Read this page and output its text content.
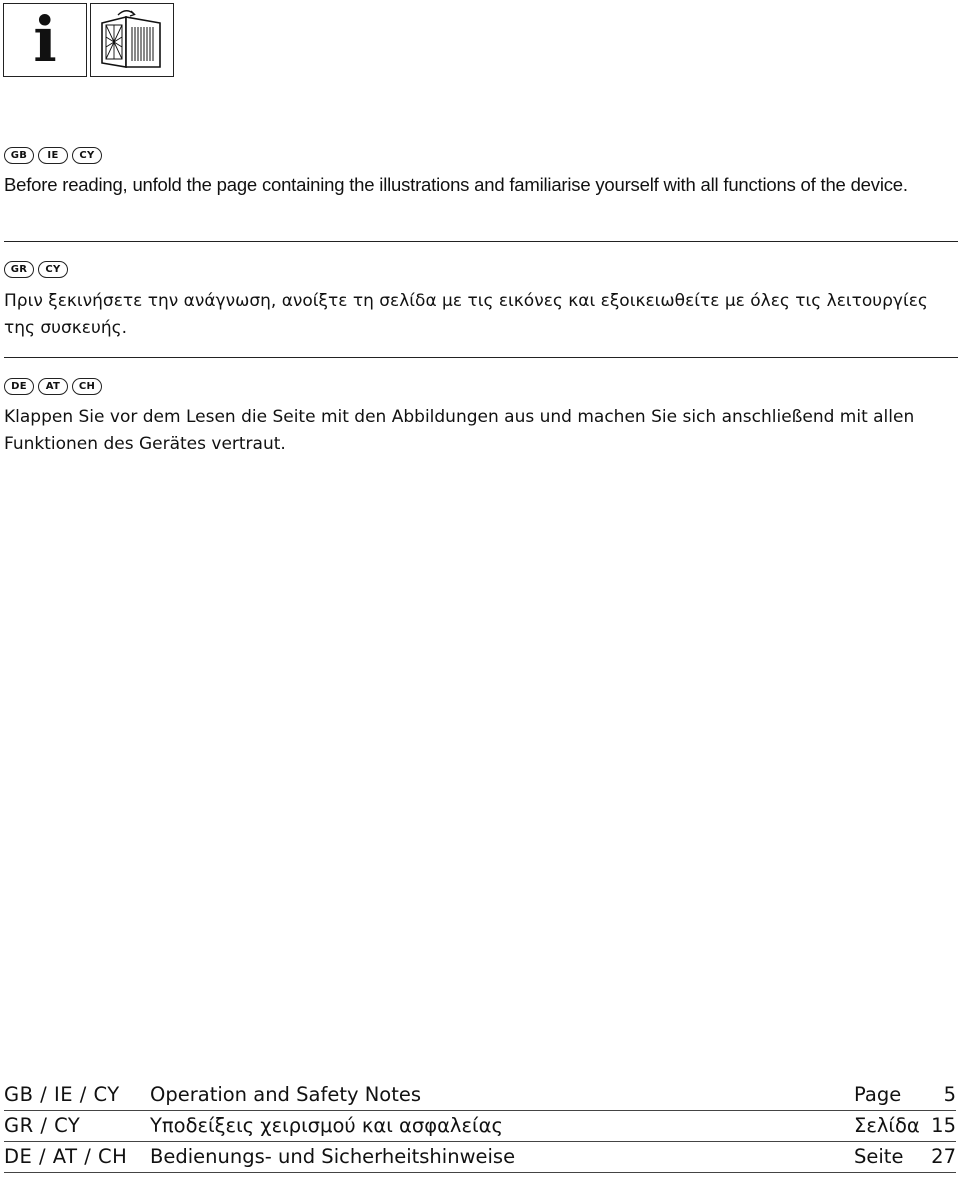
i
GB	IE	CY

Before reading, unfold the page containing the illustrations and familiarise yourself with all functions of the device.

GR	CY

Πριν ξεκινήσετε την ανάγνωση, ανοίξτε τη σελίδα με τις εικόνες και εξοικειωθείτε με όλες τις λειτουργίες της συσκευής.

DE	AT	CH

Klappen Sie vor dem Lesen die Seite mit den Abbildungen aus und machen Sie sich anschließend mit allen Funktionen des Gerätes vertraut.

GB / IE / CY	Operation and Safety Notes	Page	5
GR / CY	Υποδείξεις χειρισμού και ασφαλείας	Σελίδα 15
DE / AT / CH	Bedienungs- und Sicherheitshinweise	Seite	27
